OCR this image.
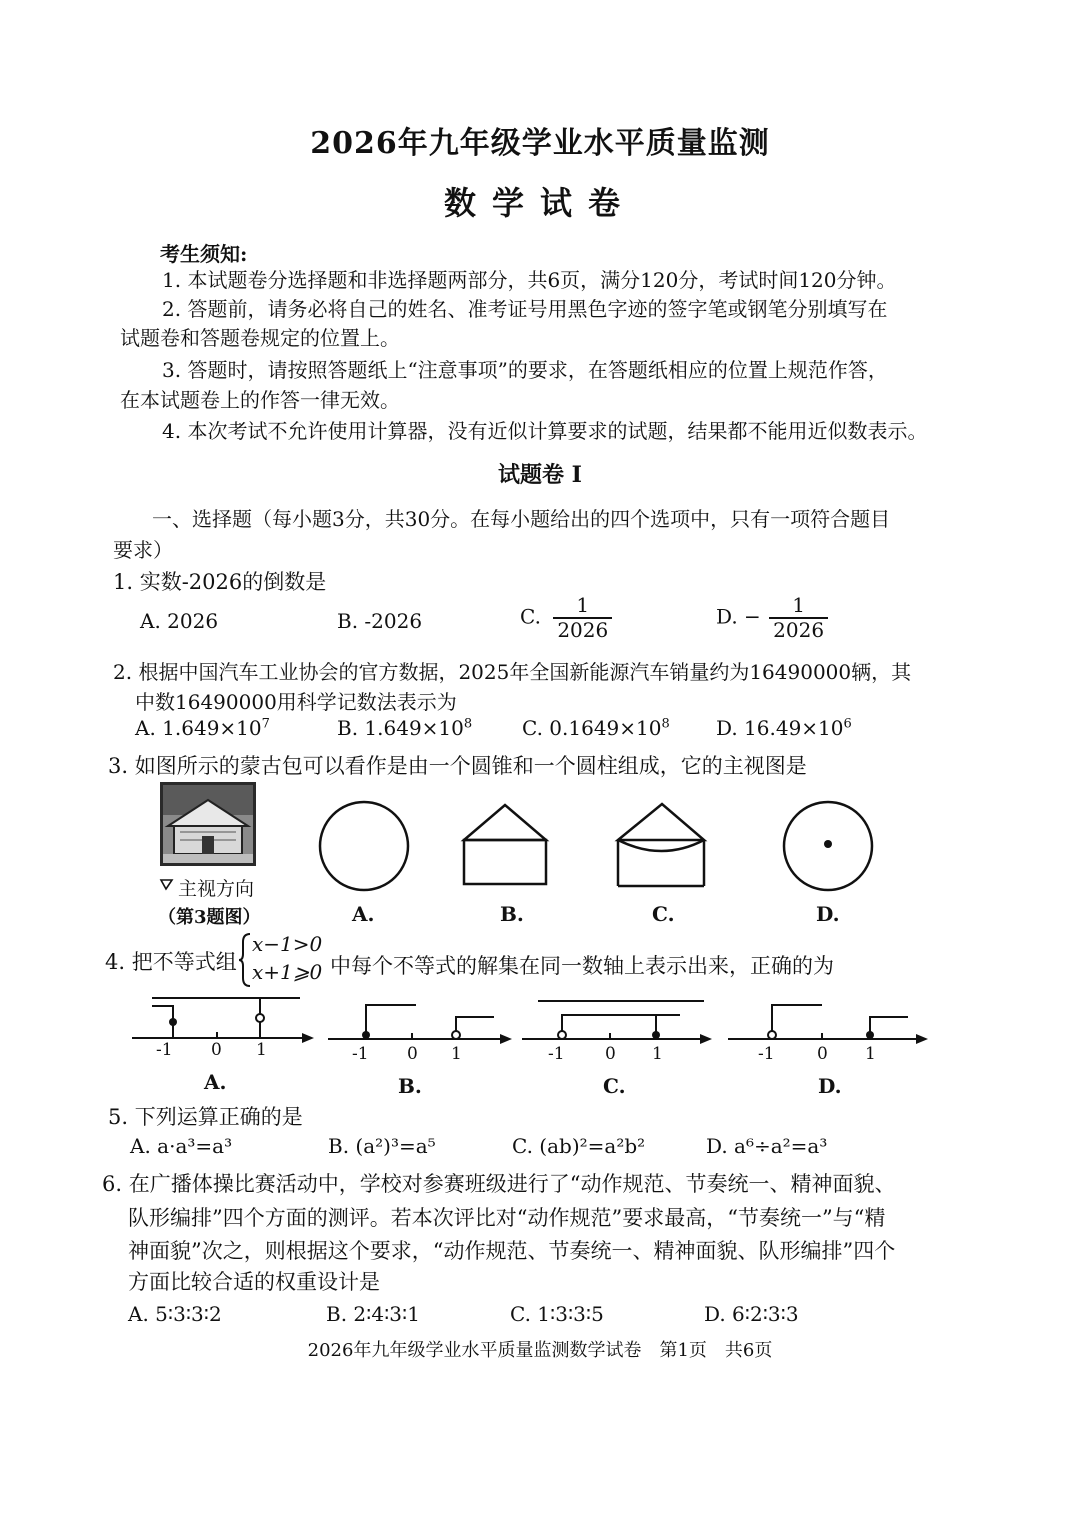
2026年九年级学业水平质量监测
数学试卷
考生须知:
1. 本试题卷分选择题和非选择题两部分，共6页，满分120分，考试时间120分钟。
2. 答题前，请务必将自己的姓名、准考证号用黑色字迹的签字笔或钢笔分别填写在
试题卷和答题卷规定的位置上。
3. 答题时，请按照答题纸上“注意事项”的要求，在答题纸相应的位置上规范作答，
在本试题卷上的作答一律无效。
4. 本次考试不允许使用计算器，没有近似计算要求的试题，结果都不能用近似数表示。
试题卷 I
一、选择题（每小题3分，共30分。在每小题给出的四个选项中，只有一项符合题目
要求）
1. 实数-2026的倒数是
A. 2026	B. -2026	C. $\frac{1}{2026}$	D. − $\frac{1}{2026}$
2. 根据中国汽车工业协会的官方数据，2025年全国新能源汽车销量约为16490000辆，其
中数16490000用科学记数法表示为
A. $1.649\times 10^7$	B. $1.649\times 10^8$ C. $0.1649\times 10^8$ D. $16.49\times 10^6$
3. 如图所示的蒙古包可以看作是由一个圆锥和一个圆柱组成，它的主视图是
主视方向
（第3题图）	A.	B.	C.	D.
4. 把不等式组
x−1>0
x+1⩾0 中每个不等式的解集在同一数轴上表示出来，正确的为
-1 0 1	-1 0 1	-1 0 1	-1 0 1
A.	B.	C.	D.
5. 下列运算正确的是
A. a·a³=a³	B. (a²)³=a⁵	C. (ab)²=a²b²	D. a⁶÷a²=a³
6. 在广播体操比赛活动中，学校对参赛班级进行了“动作规范、节奏统一、精神面貌、
队形编排”四个方面的测评。若本次评比对“动作规范”要求最高，“节奏统一”与“精
神面貌”次之，则根据这个要求，“动作规范、节奏统一、精神面貌、队形编排”四个
方面比较合适的权重设计是
A. 5∶3∶3∶2	B. 2∶4∶3∶1	C. 1∶3∶3∶5	D. 6∶2∶3∶3
2026年九年级学业水平质量监测数学试卷　第1页　共6页
